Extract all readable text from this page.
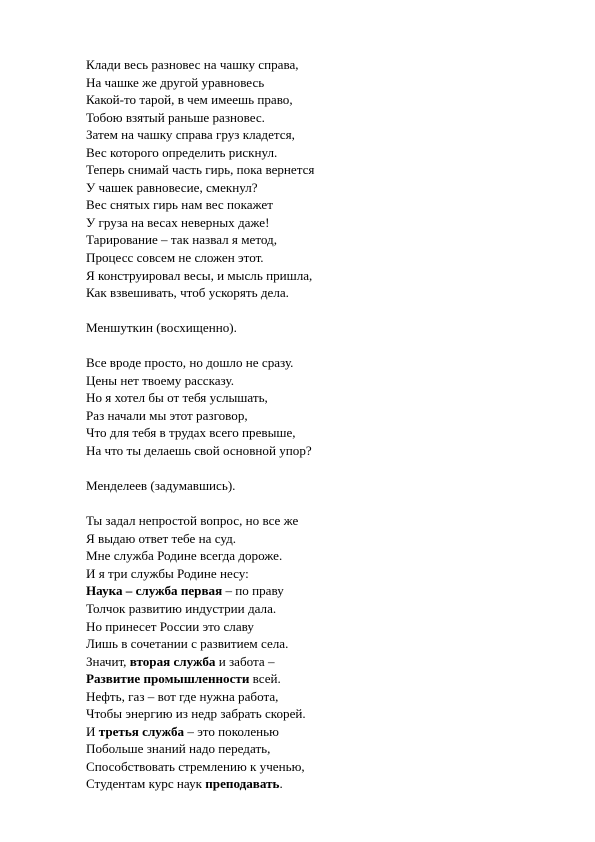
Клади весь разновес на чашку справа,
На чашке же другой уравновесь
Какой-то тарой, в чем имеешь право,
Тобою взятый раньше разновес.
Затем на чашку справа груз кладется,
Вес которого определить рискнул.
Теперь снимай часть гирь, пока вернется
У чашек равновесие, смекнул?
Вес снятых гирь нам вес покажет
У груза на весах неверных даже!
Тарирование – так назвал я метод,
Процесс совсем не сложен этот.
Я конструировал весы, и мысль пришла,
Как взвешивать, чтоб ускорять дела.
Меншуткин (восхищенно).
Все вроде просто, но дошло не сразу.
Цены нет твоему рассказу.
Но я хотел бы от тебя услышать,
Раз начали мы этот разговор,
Что для тебя в трудах всего превыше,
На что ты делаешь свой основной упор?
Менделеев (задумавшись).
Ты задал непростой вопрос, но все же
Я выдаю ответ тебе на суд.
Мне служба Родине всегда дороже.
И я три службы Родине несу:
Наука – служба первая – по праву
Толчок развитию индустрии дала.
Но принесет России это славу
Лишь в сочетании с развитием села.
Значит, вторая служба и забота –
Развитие промышленности всей.
Нефть, газ – вот где нужна работа,
Чтобы энергию из недр забрать скорей.
И третья служба – это поколенью
Побольше знаний надо передать,
Способствовать стремлению к ученью,
Студентам курс наук преподавать.
